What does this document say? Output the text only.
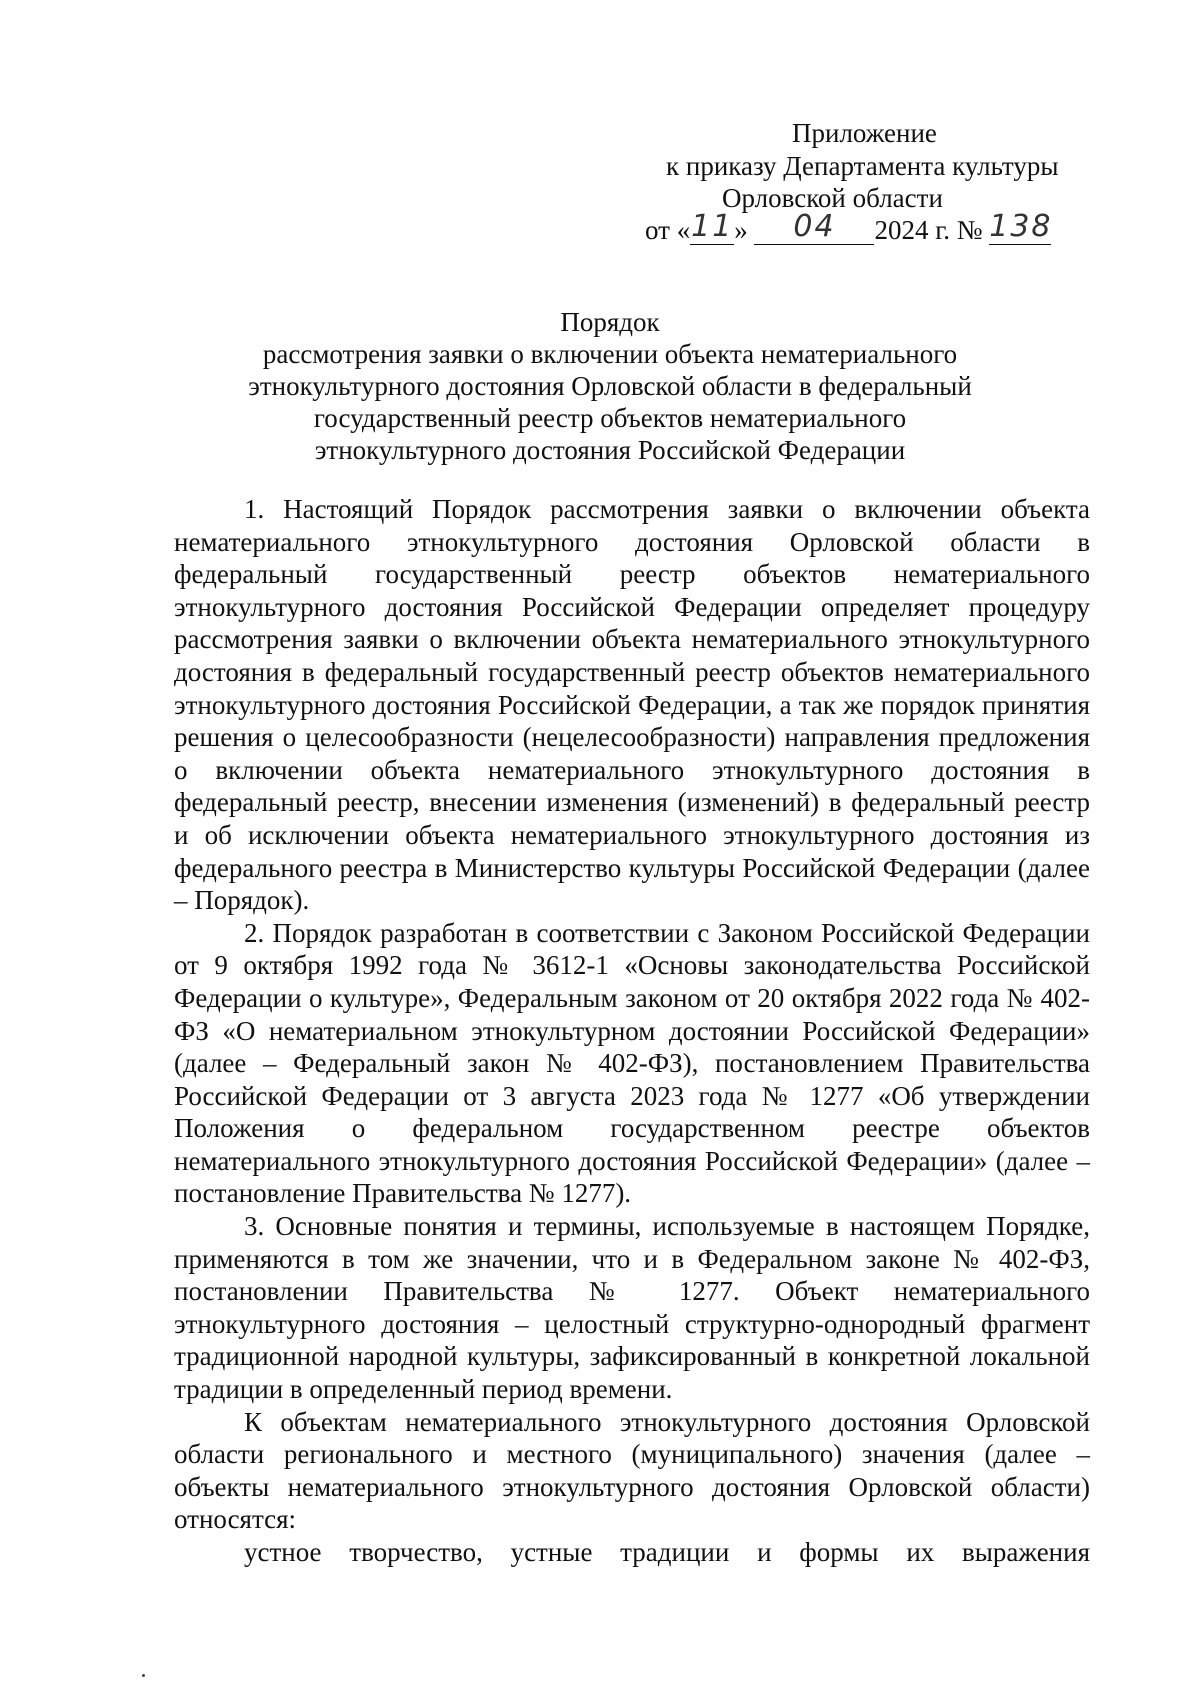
Приложение
к приказу Департамента культуры
Орловской области
от « 11 »	04	2024 г. № 138
Порядок
рассмотрения заявки о включении объекта нематериального этнокультурного достояния Орловской области в федеральный государственный реестр объектов нематериального этнокультурного достояния Российской Федерации

1. Настоящий Порядок рассмотрения заявки о включении объекта нематериального этнокультурного достояния Орловской области в федеральный государственный реестр объектов нематериального этнокультурного достояния Российской Федерации определяет процедуру рассмотрения заявки о включении объекта нематериального этнокультурного достояния в федеральный государственный реестр объектов нематериального этнокультурного достояния Российской Федерации, а так же порядок принятия решения о целесообразности (нецелесообразности) направления предложения о включении объекта нематериального этнокультурного достояния в федеральный реестр, внесении изменения (изменений) в федеральный реестр и об исключении объекта нематериального этнокультурного достояния из федерального реестра в Министерство культуры Российской Федерации (далее – Порядок).

2. Порядок разработан в соответствии с Законом Российской Федерации от 9 октября 1992 года № 3612-1 «Основы законодательства Российской Федерации о культуре», Федеральным законом от 20 октября 2022 года № 402-ФЗ «О нематериальном этнокультурном достоянии Российской Федерации» (далее – Федеральный закон № 402-ФЗ), постановлением Правительства Российской Федерации от 3 августа 2023 года № 1277 «Об утверждении Положения о федеральном государственном реестре объектов нематериального этнокультурного достояния Российской Федерации» (далее – постановление Правительства № 1277).

3. Основные понятия и термины, используемые в настоящем Порядке, применяются в том же значении, что и в Федеральном законе № 402-ФЗ, постановлении Правительства № 1277. Объект нематериального этнокультурного достояния – целостный структурно-однородный фрагмент традиционной народной культуры, зафиксированный в конкретной локальной традиции в определенный период времени.

К объектам нематериального этнокультурного достояния Орловской области регионального и местного (муниципального) значения (далее – объекты нематериального этнокультурного достояния Орловской области) относятся:

устное творчество, устные традиции и формы их выражения
